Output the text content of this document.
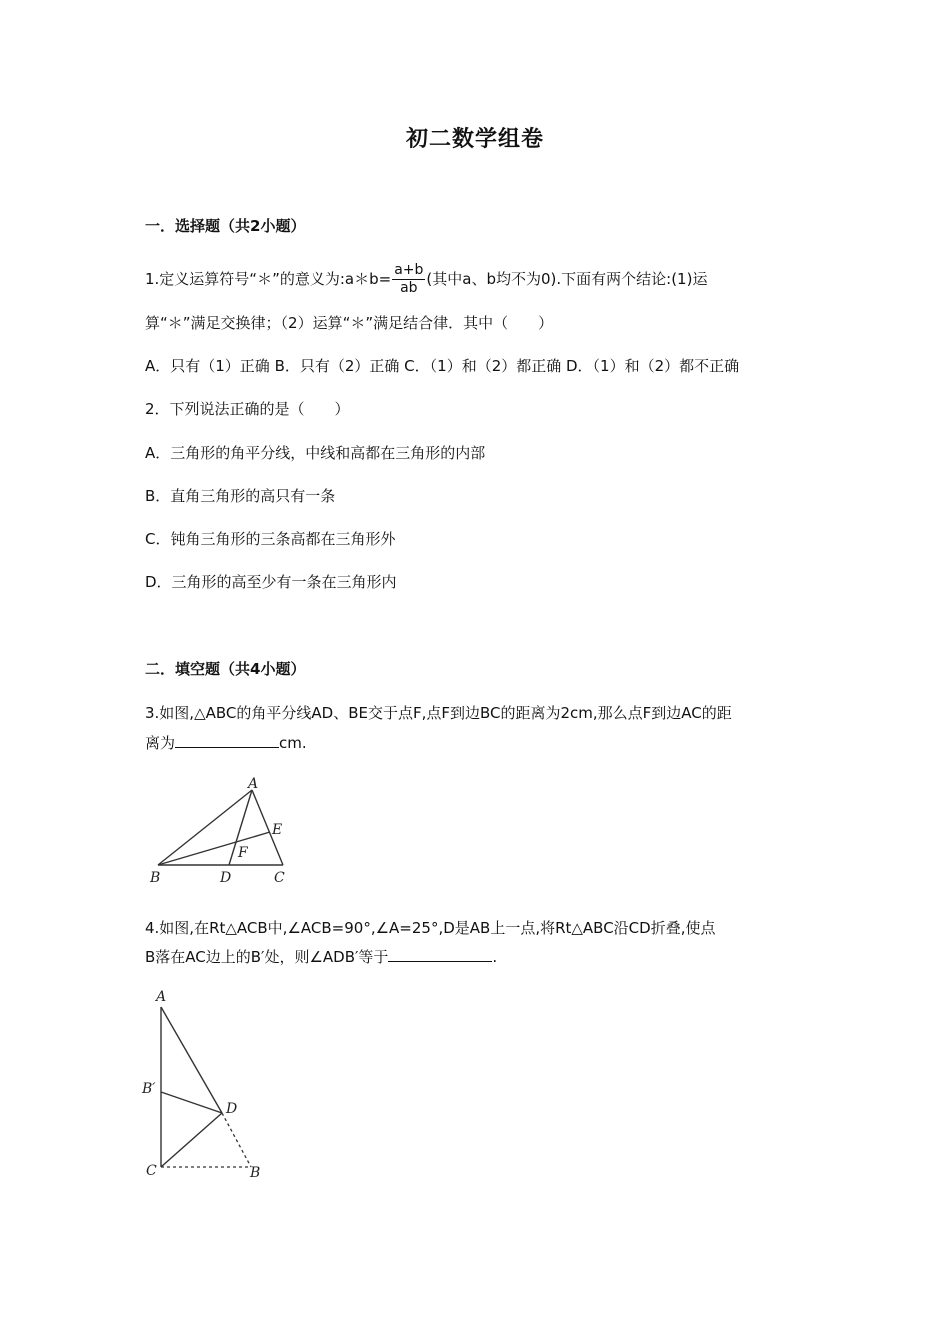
初二数学组卷
一．选择题（共2小题）
1.定义运算符号“＊”的意义为:a＊b= $\frac{a+b}{ab}$ (其中a、b均不为0).下面有两个结论:(1)运
算“＊”满足交换律；（2）运算“＊”满足结合律．其中（　　）
A．只有（1）正确 B．只有（2）正确 C．（1）和（2）都正确 D．（1）和（2）都不正确
2．下列说法正确的是（　　）
A．三角形的角平分线，中线和高都在三角形的内部
B．直角三角形的高只有一条
C．钝角三角形的三条高都在三角形外
D．三角形的高至少有一条在三角形内
二．填空题（共4小题）
3.如图,△ABC的角平分线AD、BE交于点F,点F到边BC的距离为2cm,那么点F到边AC的距
离为	cm.
A
B	C
D
E
F
4.如图,在Rt△ACB中,∠ACB=90°,∠A=25°,D是AB上一点,将Rt△ABC沿CD折叠,使点
B落在AC边上的B′处，则∠ADB′等于	.
A
B′
D
C	B
